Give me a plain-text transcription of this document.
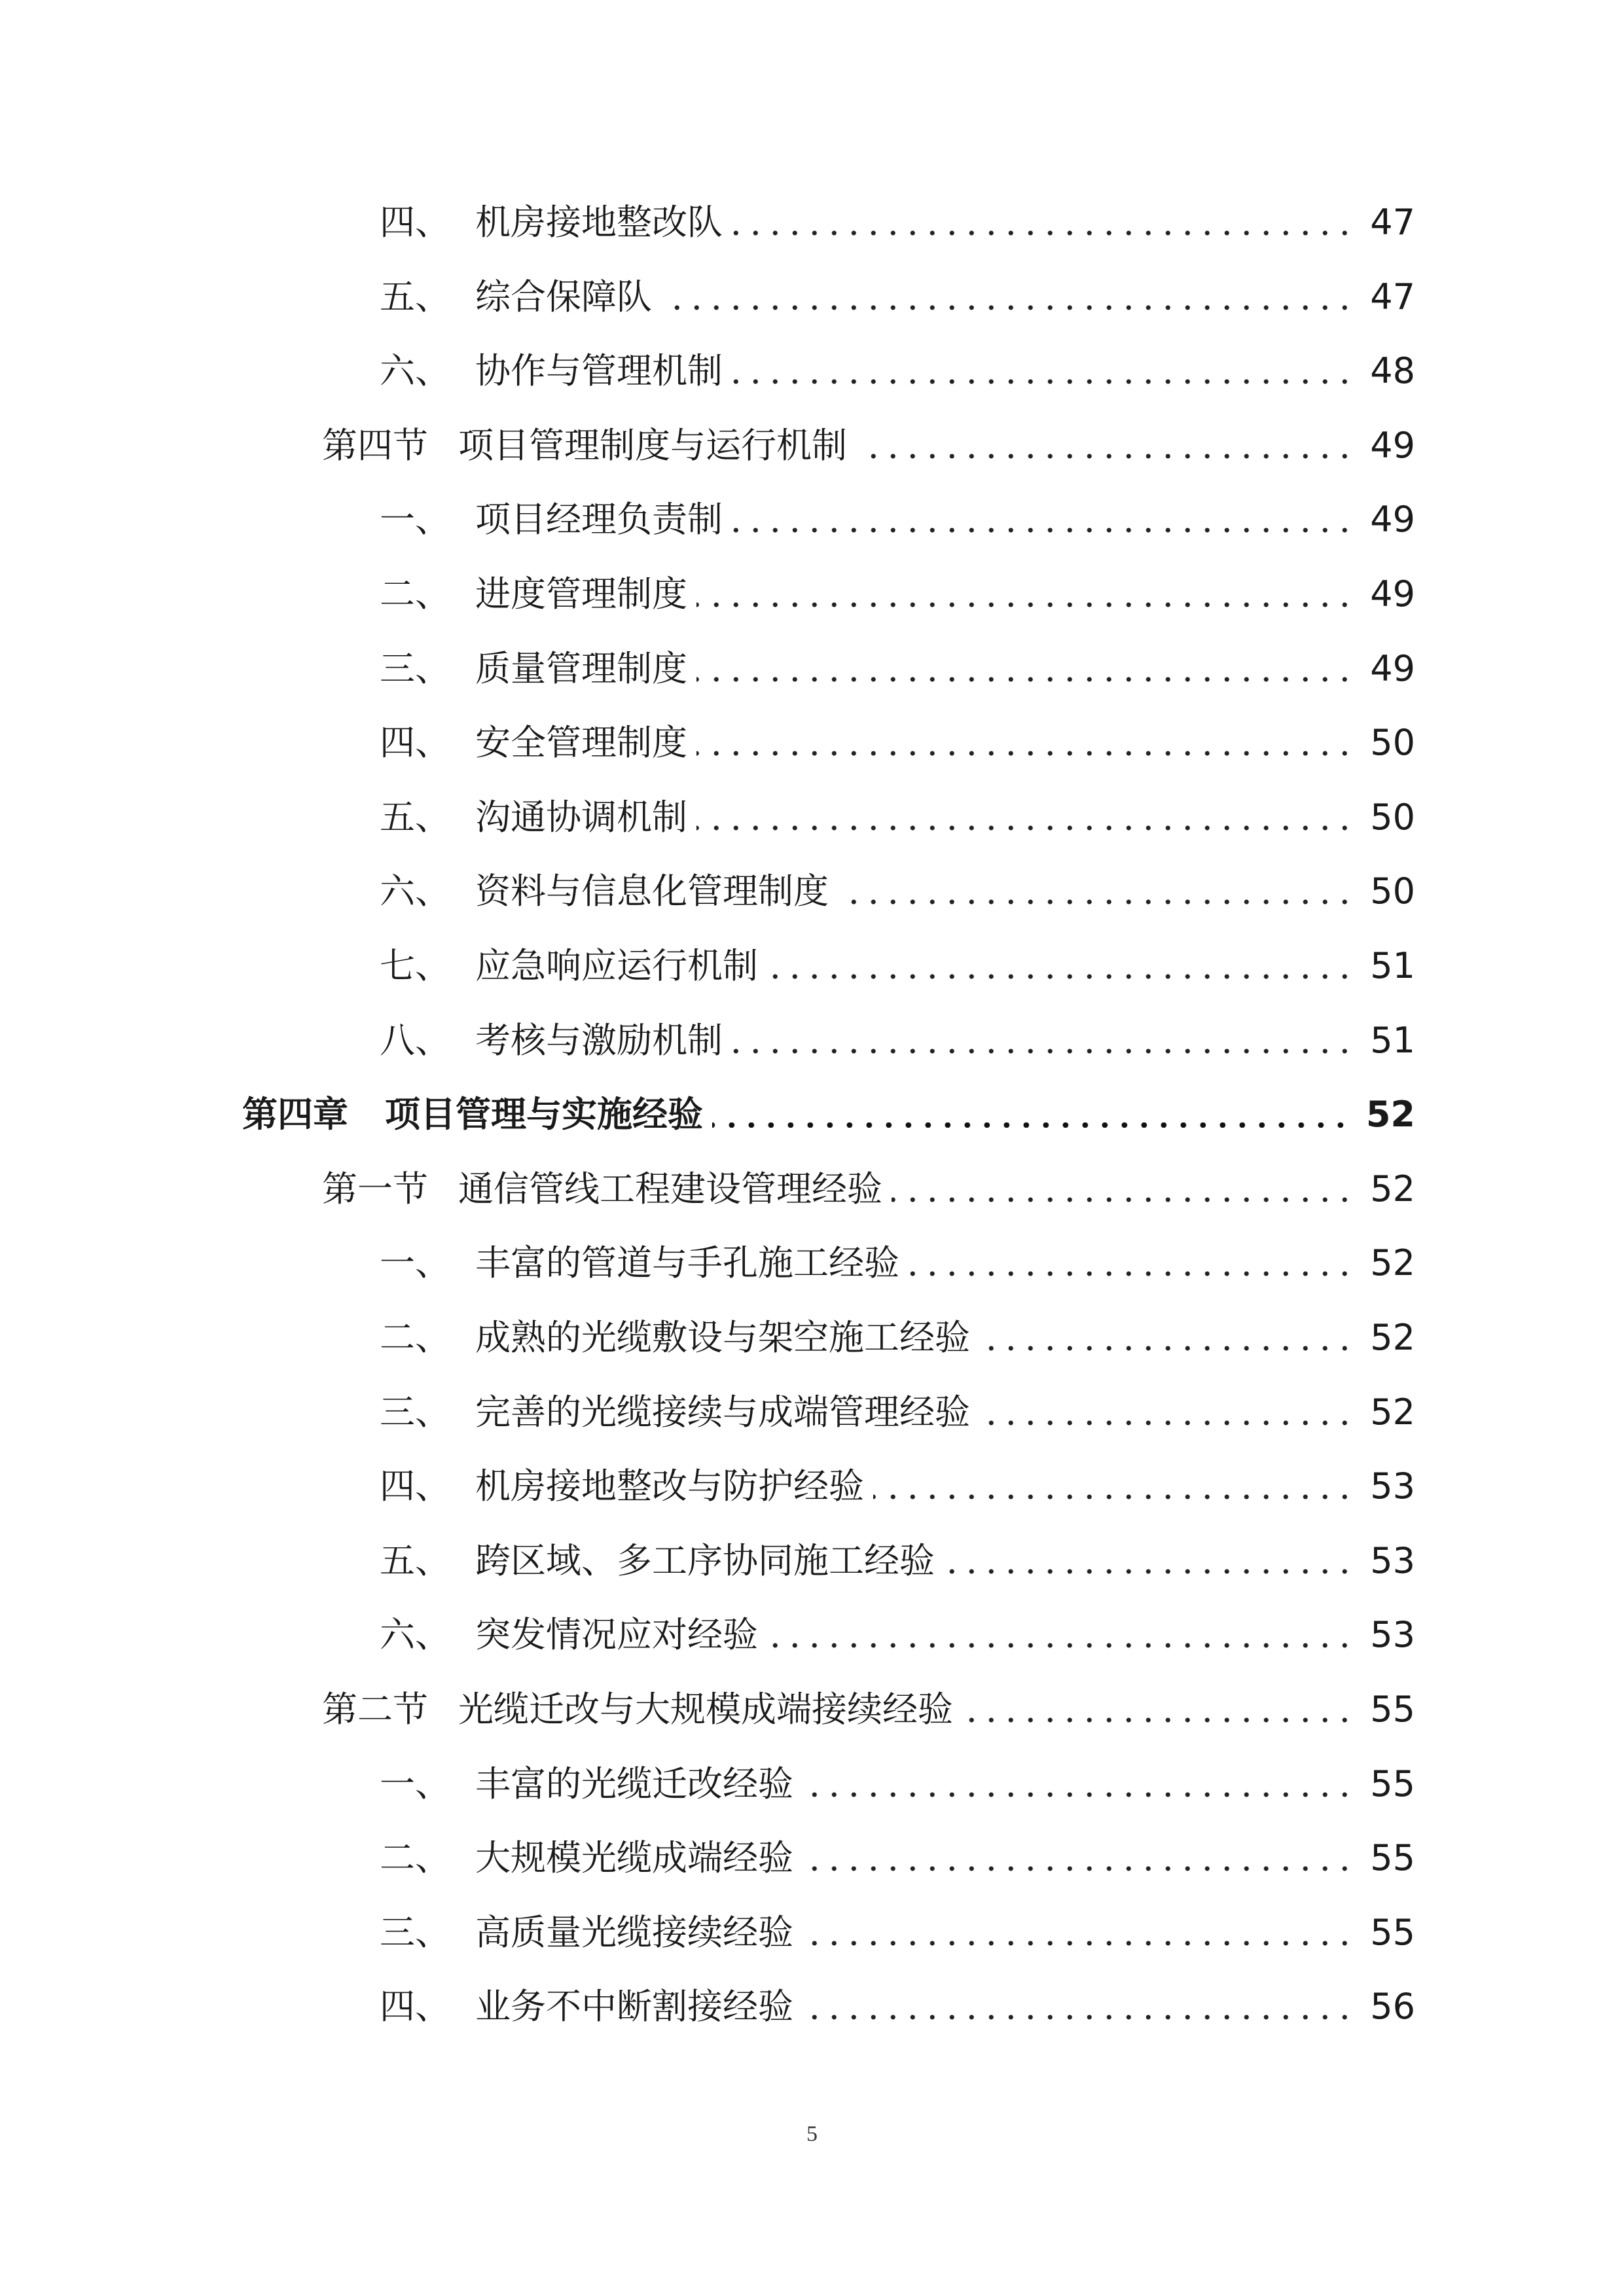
四、 机房接地整改队	47
五、 综合保障队	47
六、 协作与管理机制	48
第四节 项目管理制度与运行机制	49
一、 项目经理负责制	49
二、 进度管理制度	49
三、 质量管理制度	49
四、 安全管理制度	50
五、 沟通协调机制	50
六、 资料与信息化管理制度	50
七、 应急响应运行机制	51
八、 考核与激励机制	51
第四章 项目管理与实施经验	52
第一节 通信管线工程建设管理经验	52
一、 丰富的管道与手孔施工经验	52
二、 成熟的光缆敷设与架空施工经验	52
三、 完善的光缆接续与成端管理经验	52
四、 机房接地整改与防护经验	53
五、 跨区域、多工序协同施工经验	53
六、 突发情况应对经验	53
第二节 光缆迁改与大规模成端接续经验	55
一、 丰富的光缆迁改经验	55
二、 大规模光缆成端经验	55
三、 高质量光缆接续经验	55
四、 业务不中断割接经验	56
5
